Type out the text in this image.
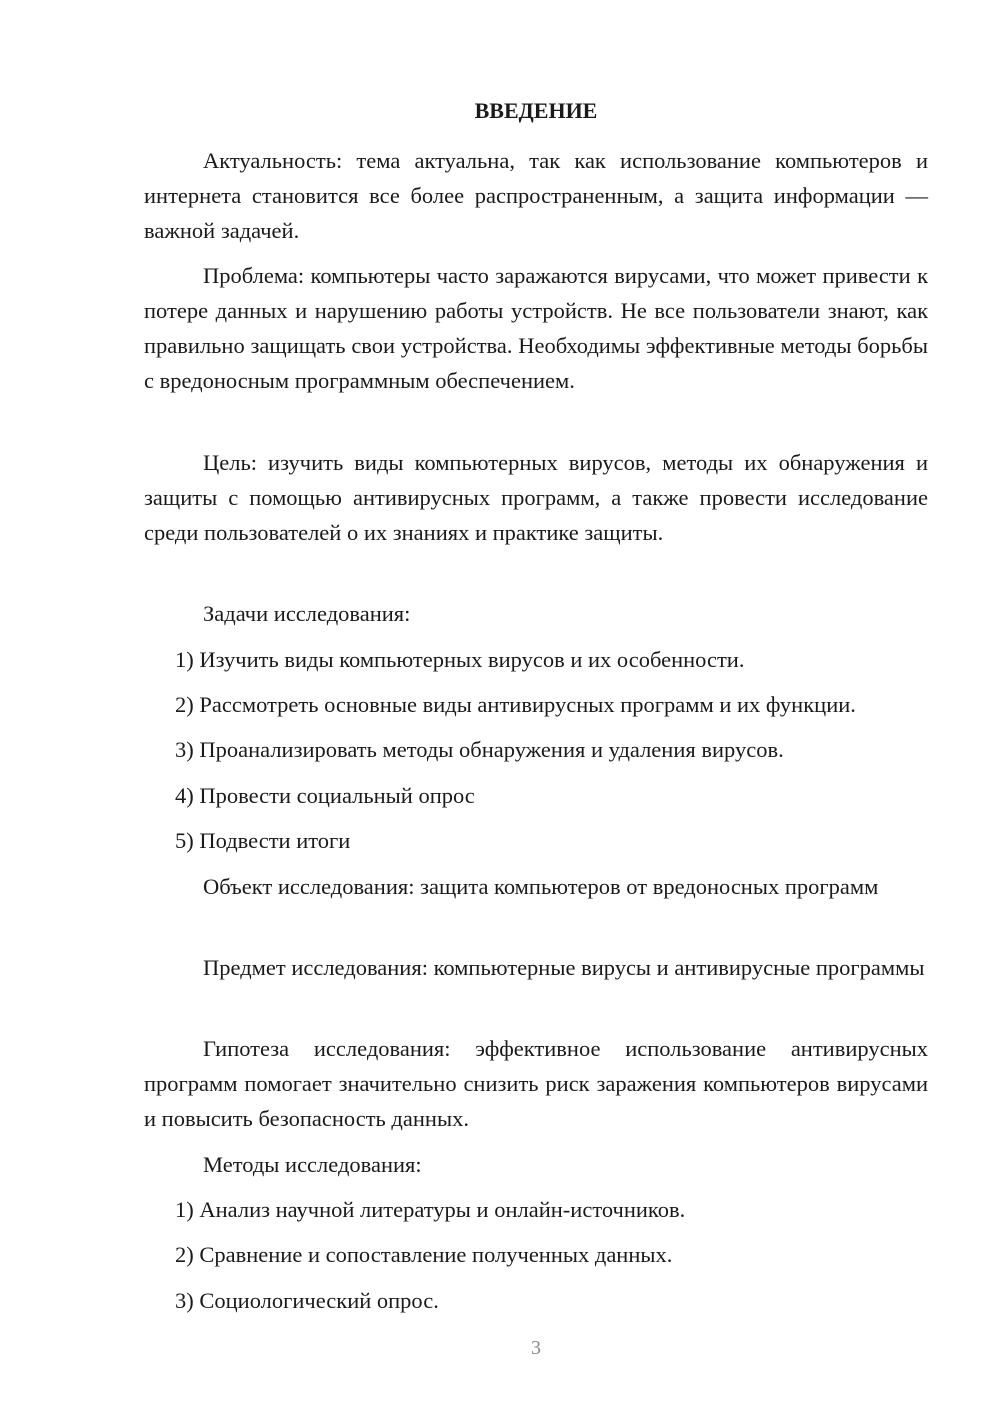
ВВЕДЕНИЕ

Актуальность: тема актуальна, так как использование компьютеров и интернета становится все более распространенным, а защита информации — важной задачей.

Проблема: компьютеры часто заражаются вирусами, что может привести к потере данных и нарушению работы устройств. Не все пользователи знают, как правильно защищать свои устройства. Необходимы эффективные методы борьбы с вредоносным программным обеспечением.

Цель: изучить виды компьютерных вирусов, методы их обнаружения и защиты с помощью антивирусных программ, а также провести исследование среди пользователей о их знаниях и практике защиты.

Задачи исследования:

1) Изучить виды компьютерных вирусов и их особенности.

2) Рассмотреть основные виды антивирусных программ и их функции.

3) Проанализировать методы обнаружения и удаления вирусов.

4) Провести социальный опрос

5) Подвести итоги

Объект исследования: защита компьютеров от вредоносных программ

Предмет исследования: компьютерные вирусы и антивирусные программы

Гипотеза исследования: эффективное использование антивирусных программ помогает значительно снизить риск заражения компьютеров вирусами и повысить безопасность данных.

Методы исследования:

1) Анализ научной литературы и онлайн-источников.

2) Сравнение и сопоставление полученных данных.

3) Социологический опрос.

3
